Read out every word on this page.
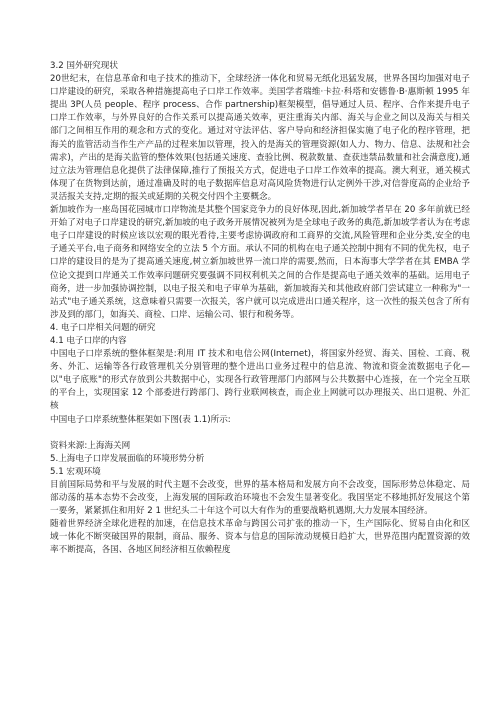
3.2 国外研究现状
20世纪末，在信息革命和电子技术的推动下，全球经济一体化和贸易无纸化迅猛发展，世界各国均加强对电子口岸建设的研究，采取各种措施提高电子口岸工作效率。美国学者瑞维·卡拉·科塔和安德鲁·B·惠斯顿 1995 年提出 3P(人员 people、程序 process、合作 partnership)框架模型，倡导通过人员、程序、合作来提升电子口岸工作效率，与外界良好的合作关系可以提高通关效率，更注重海关内部、海关与企业之间以及海关与相关部门之间相互作用的观念和方式的变化。通过对守法评估、客户导向和经济担保实施了电子化的程序管理，把海关的监管活动当作生产产品的过程来加以管理，投入的是海关的管理资源(如人力、物力、信息、法规和社会需求)，产出的是海关监管的整体效果(包括通关速度、查验比例、税款数量、查获违禁品数量和社会满意度),通过立法为管理信息化提供了法律保障,推行了预报关方式，促进电子口岸工作效率的提高。澳大利亚，通关模式体现了在货物到达前，通过准确及时的电子数据库信息对高风险货物进行认定例外干涉,对信誉度高的企业给予灵活报关支持,定期的报关或延期的关税交付四个主要概念。
新加坡作为一座岛国花园城市口岸物流是其整个国家竞争力的良好体现,因此,新加坡学者早在 20 多年前就已经开始了对电子口岸建设的研究,新加坡的电子政务开展情况被列为是全球电子政务的典范,新加坡学者认为在考虑电子口岸建设的时候应该以宏观的眼光看待,主要考虑协调政府和工商界的交流,风险管理和企业分类,安全的电子通关平台,电子商务和网络安全的立法 5 个方面。承认不同的机构在电子通关控制中拥有不同的优先权，电子口岸的建设目的是为了提高通关速度,树立新加坡世界一流口岸的需要,然而，日本海事大学学者在其 EMBA 学位论文提到口岸通关工作效率问题研究要强调不同权利机关之间的合作是提高电子通关效率的基础。运用电子商务，进一步加强协调控制，以电子报关和电子审单为基础，新加坡海关和其他政府部门尝试建立一种称为"一站式"电子通关系统，这意味着只需要一次报关，客户就可以完成进出口通关程序，这一次性的报关包含了所有涉及到的部门，如海关、商检、口岸、运输公司、银行和税务等。
4. 电子口岸相关问题的研究
4.1 电子口岸的内容
中国电子口岸系统的整体框架是:利用 IT 技术和电信公网(Internet)，将国家外经贸、海关、国检、工商、税务、外汇、运输等各行政管理机关分别管理的整个进出口业务过程中的信息流、物流和资金流数据电子化—以"电子底账"的形式存放到公共数据中心，实现各行政管理部门内部网与公共数据中心连接，在一个完全互联的平台上，实现国家 12 个部委进行跨部门、跨行业联网核查，而企业上网就可以办理报关、出口退税、外汇核
中国电子口岸系统整体框架如下图(表 1.1)所示:
资料来源:上海海关网
5.上海电子口岸发展面临的环境形势分析
5.1 宏观环境
目前国际局势和平与发展的时代主题不会改变，世界的基本格局和发展方向不会改变，国际形势总体稳定、局部动荡的基本态势不会改变，上海发展的国际政治环境也不会发生显著变化。我国坚定不移地抓好发展这个第一要务，紧紧抓住和用好 2 1 世纪头二十年这个可以大有作为的重要战略机遇期,大力发展本国经济。
随着世界经济全球化进程的加速，在信息技术革命与跨国公司扩张的推动一下，生产国际化、贸易自由化和区域一体化不断突破国界的限制，商品、服务、资本与信息的国际流动规模日趋扩大，世界范围内配置资源的效率不断提高，各国、各地区间经济相互依赖程度
